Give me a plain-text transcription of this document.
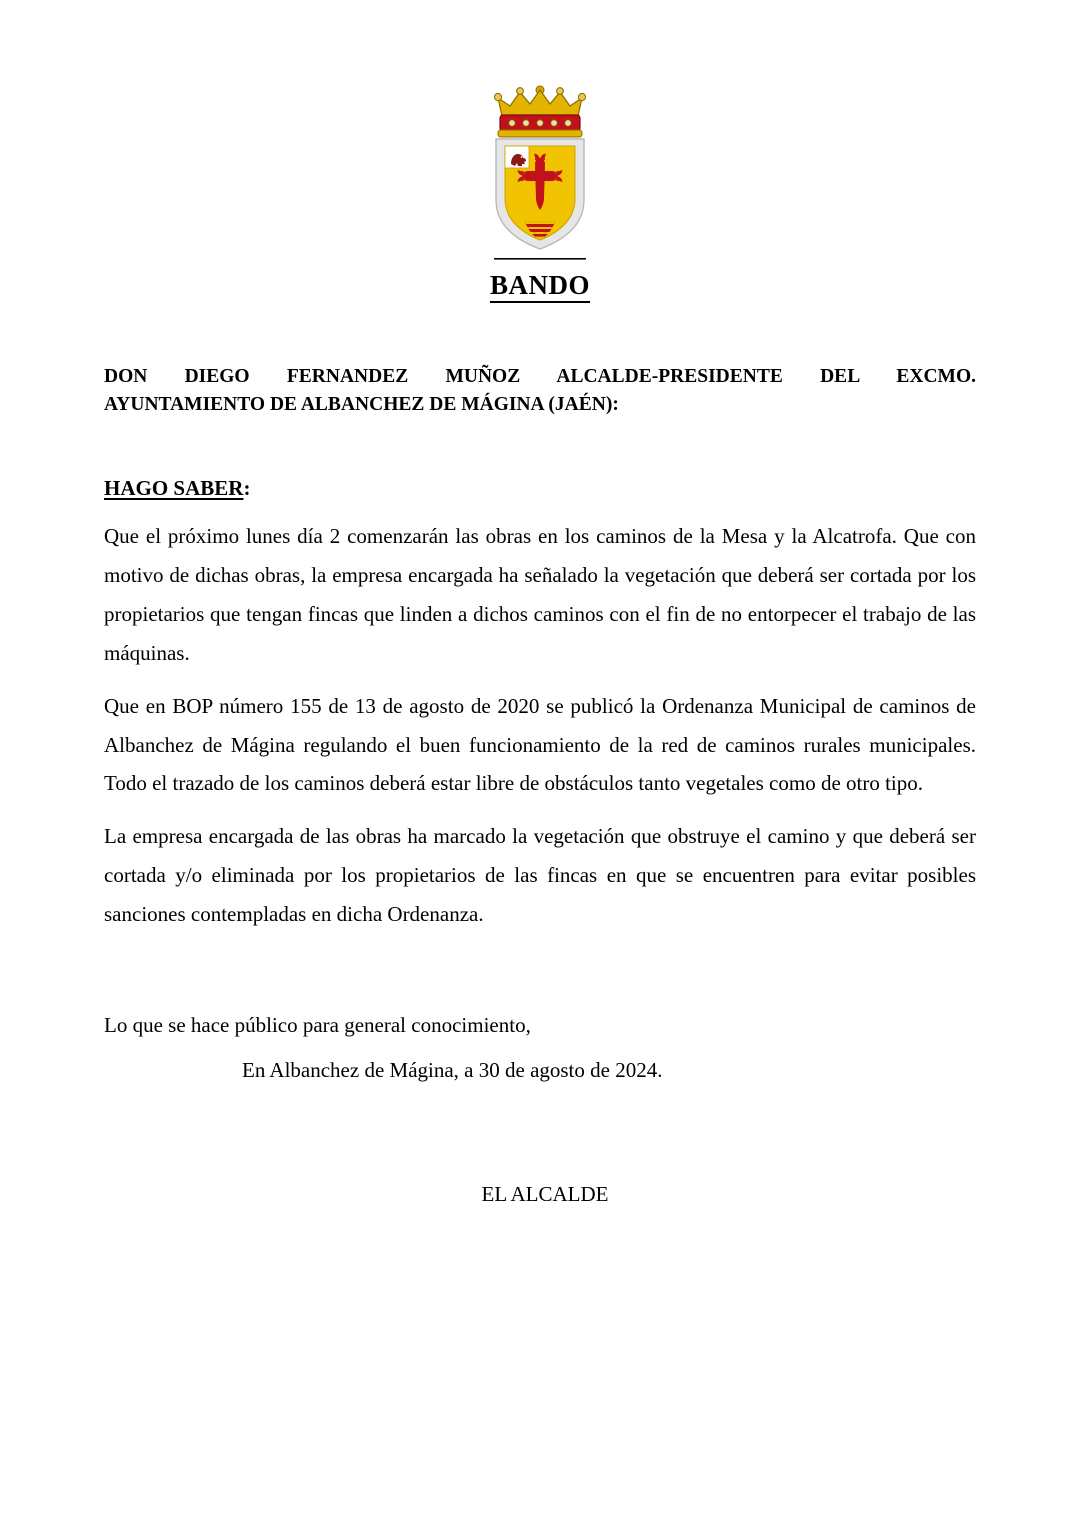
BANDO
DON DIEGO FERNANDEZ MUÑOZ ALCALDE-PRESIDENTE DEL EXCMO.
AYUNTAMIENTO DE ALBANCHEZ DE MÁGINA (JAÉN):
HAGO SABER:

Que el próximo lunes día 2 comenzarán las obras en los caminos de la Mesa y la Alcatrofa. Que con motivo de dichas obras, la empresa encargada ha señalado la vegetación que deberá ser cortada por los propietarios que tengan fincas que linden a dichos caminos con el fin de no entorpecer el trabajo de las máquinas.

Que en BOP número 155 de 13 de agosto de 2020 se publicó la Ordenanza Municipal de caminos de Albanchez de Mágina regulando el buen funcionamiento de la red de caminos rurales municipales. Todo el trazado de los caminos deberá estar libre de obstáculos tanto vegetales como de otro tipo.

La empresa encargada de las obras ha marcado la vegetación que obstruye el camino y que deberá ser cortada y/o eliminada por los propietarios de las fincas en que se encuentren para evitar posibles sanciones contempladas en dicha Ordenanza.

Lo que se hace público para general conocimiento,
En Albanchez de Mágina, a 30 de agosto de 2024.
EL ALCALDE
